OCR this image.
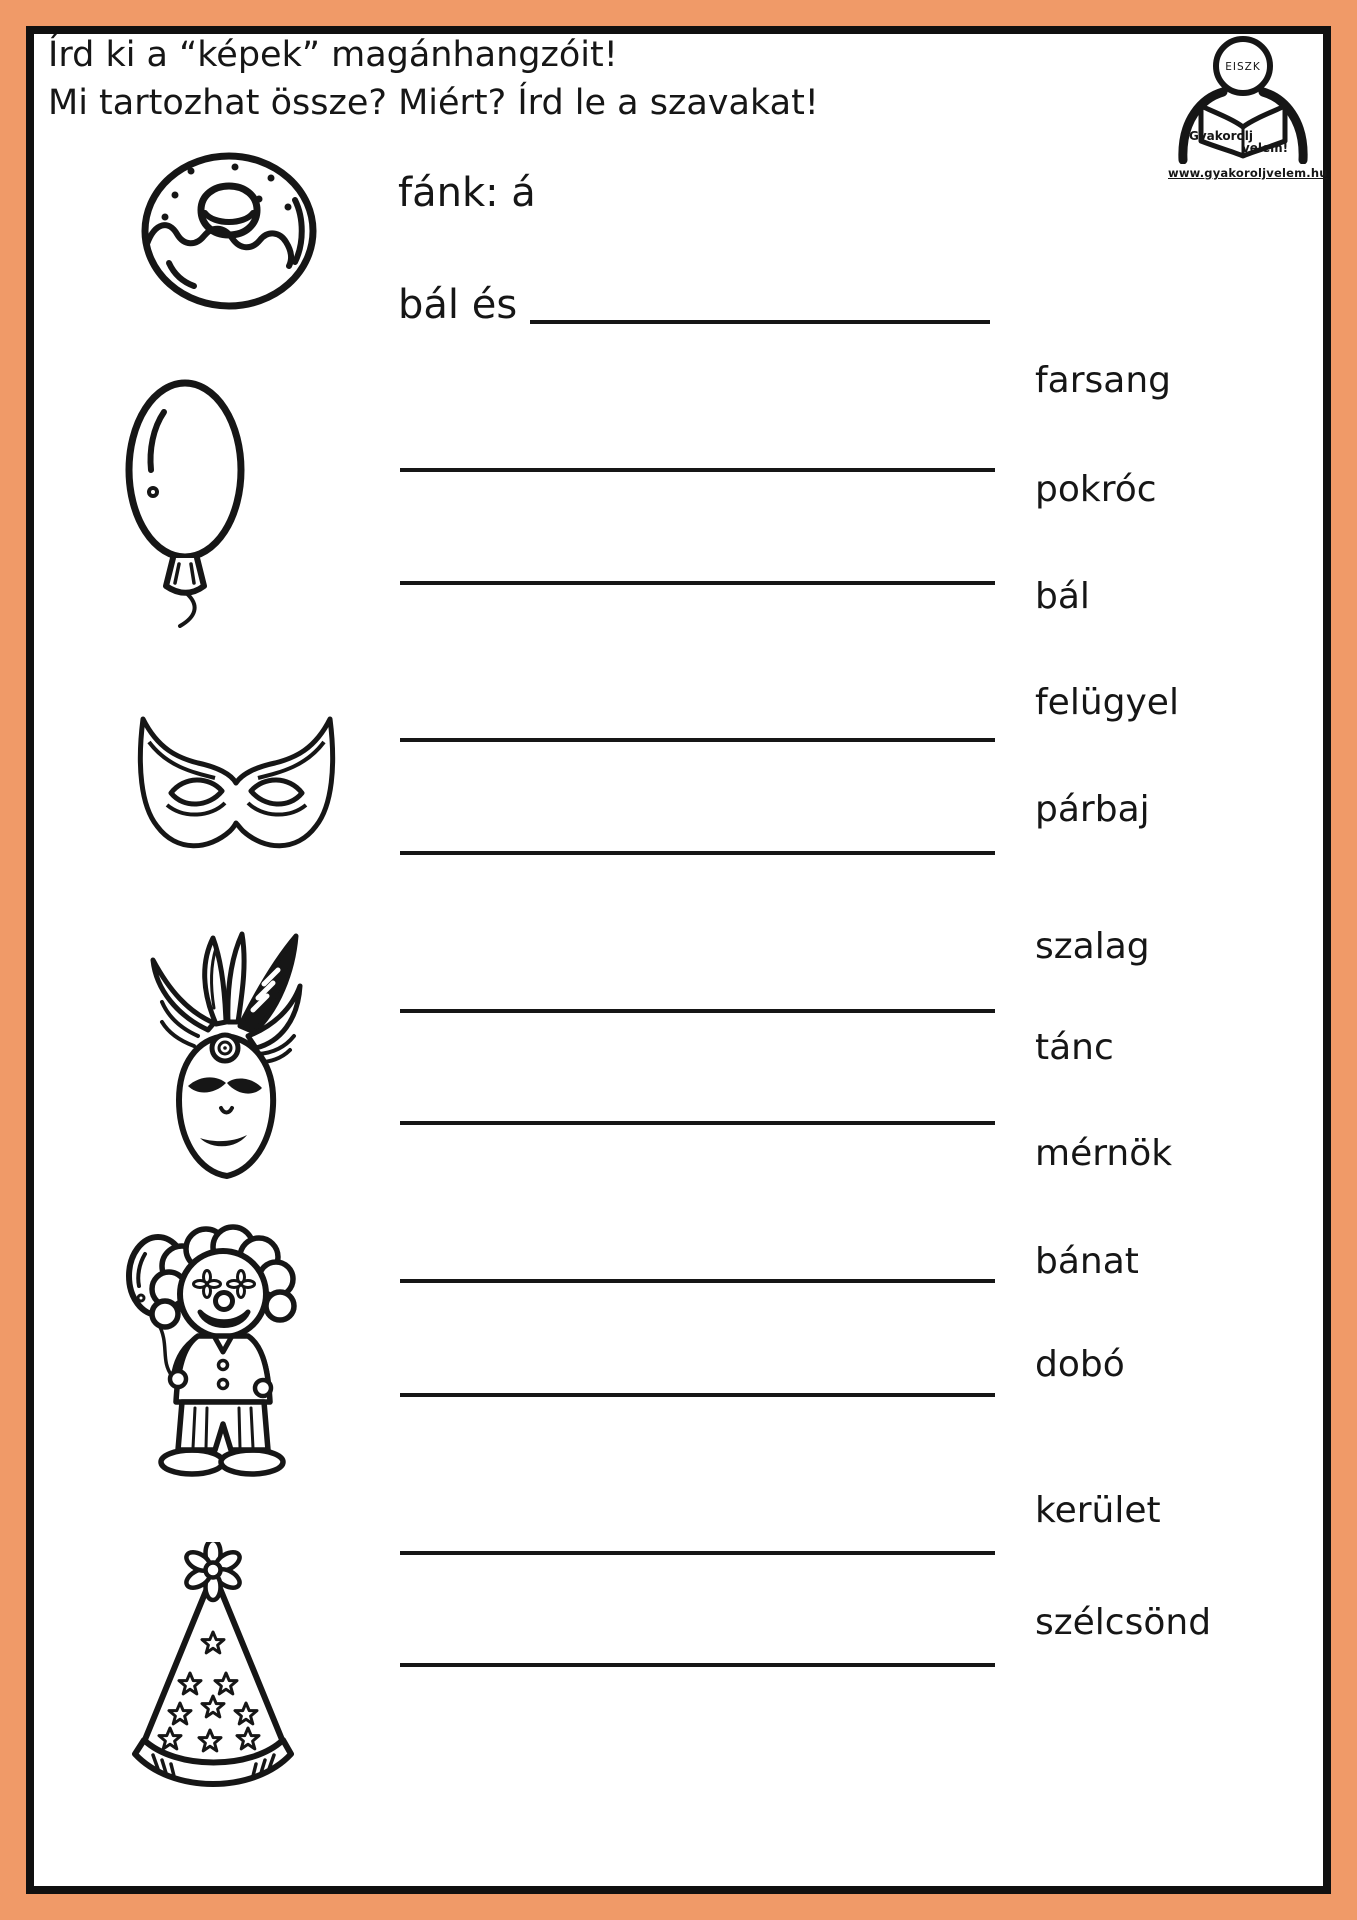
Írd ki a “képek” magánhangzóit!
Mi tartozhat össze? Miért? Írd le a szavakat!
EISZK
Gyakorolj
velem!
www.gyakoroljvelem.hu
fánk: á
bál és
farsang
pokróc
bál
felügyel
párbaj
szalag
tánc
mérnök
bánat
dobó
kerület
szélcsönd
